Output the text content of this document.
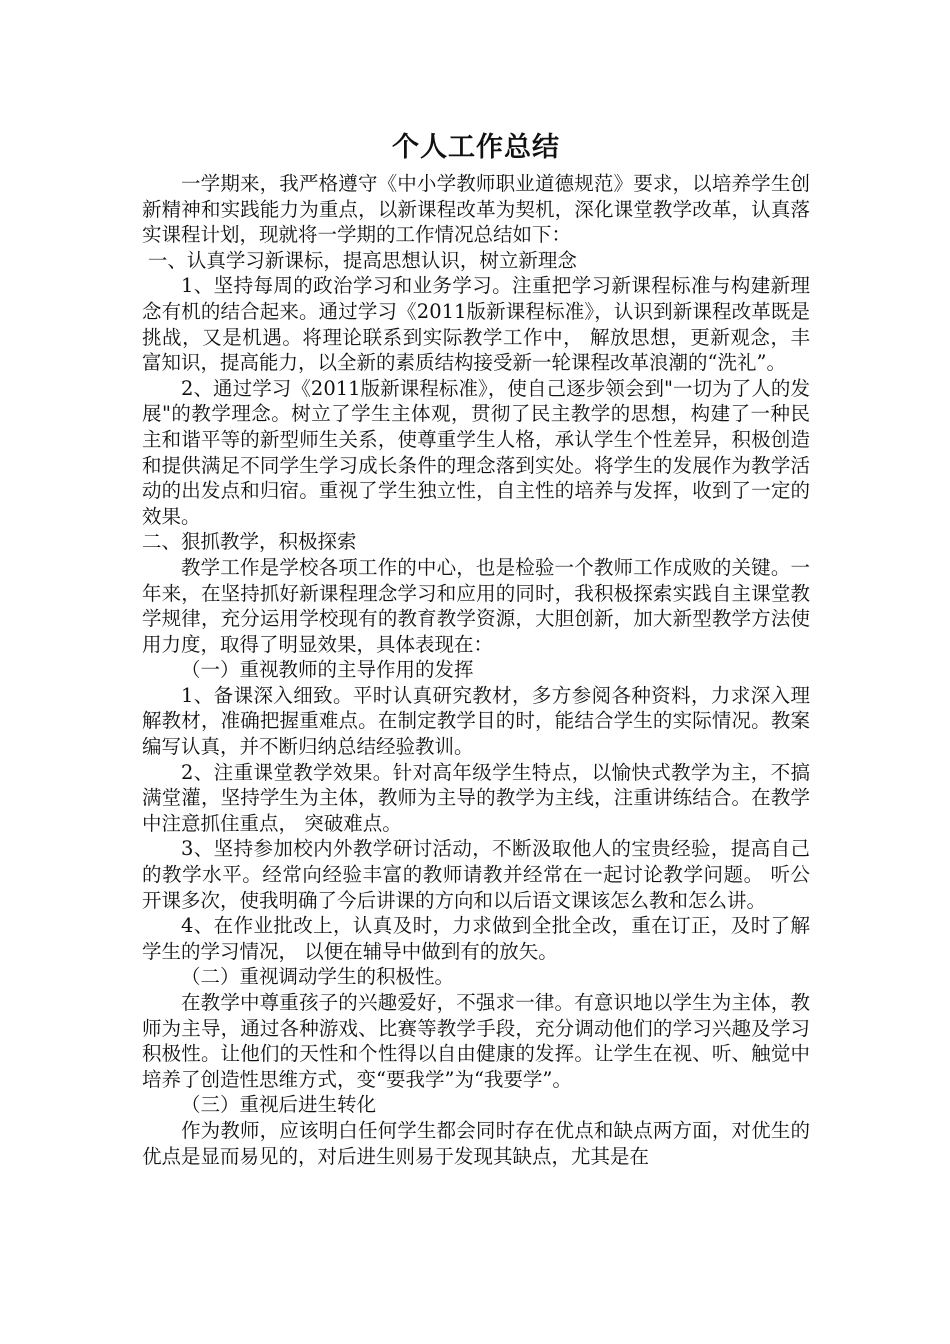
个人工作总结

一学期来，我严格遵守《中小学教师职业道德规范》要求，以培养学生创新精神和实践能力为重点，以新课程改革为契机，深化课堂教学改革，认真落实课程计划，现就将一学期的工作情况总结如下：

一、认真学习新课标，提高思想认识，树立新理念

1、坚持每周的政治学习和业务学习。注重把学习新课程标准与构建新理念有机的结合起来。通过学习《2011版新课程标准》，认识到新课程改革既是挑战，又是机遇。将理论联系到实际教学工作中， 解放思想，更新观念，丰富知识，提高能力，以全新的素质结构接受新一轮课程改革浪潮的“洗礼”。

2、通过学习《2011版新课程标准》，使自己逐步领会到"一切为了人的发展"的教学理念。树立了学生主体观，贯彻了民主教学的思想，构建了一种民主和谐平等的新型师生关系，使尊重学生人格，承认学生个性差异，积极创造和提供满足不同学生学习成长条件的理念落到实处。将学生的发展作为教学活动的出发点和归宿。重视了学生独立性，自主性的培养与发挥，收到了一定的效果。

二、狠抓教学，积极探索

教学工作是学校各项工作的中心，也是检验一个教师工作成败的关键。一年来，在坚持抓好新课程理念学习和应用的同时，我积极探索实践自主课堂教学规律，充分运用学校现有的教育教学资源，大胆创新，加大新型教学方法使用力度，取得了明显效果，具体表现在：

（一）重视教师的主导作用的发挥

1、备课深入细致。平时认真研究教材，多方参阅各种资料，力求深入理解教材，准确把握重难点。在制定教学目的时，能结合学生的实际情况。教案编写认真，并不断归纳总结经验教训。

2、注重课堂教学效果。针对高年级学生特点，以愉快式教学为主，不搞满堂灌，坚持学生为主体，教师为主导的教学为主线，注重讲练结合。在教学中注意抓住重点， 突破难点。

3、坚持参加校内外教学研讨活动，不断汲取他人的宝贵经验，提高自己的教学水平。经常向经验丰富的教师请教并经常在一起讨论教学问题。 听公开课多次，使我明确了今后讲课的方向和以后语文课该怎么教和怎么讲。

4、在作业批改上，认真及时，力求做到全批全改，重在订正，及时了解学生的学习情况， 以便在辅导中做到有的放矢。

（二）重视调动学生的积极性。

在教学中尊重孩子的兴趣爱好，不强求一律。有意识地以学生为主体，教师为主导，通过各种游戏、比赛等教学手段，充分调动他们的学习兴趣及学习积极性。让他们的天性和个性得以自由健康的发挥。让学生在视、听、触觉中培养了创造性思维方式，变“要我学”为“我要学”。

（三）重视后进生转化

作为教师，应该明白任何学生都会同时存在优点和缺点两方面，对优生的优点是显而易见的，对后进生则易于发现其缺点，尤其是在
